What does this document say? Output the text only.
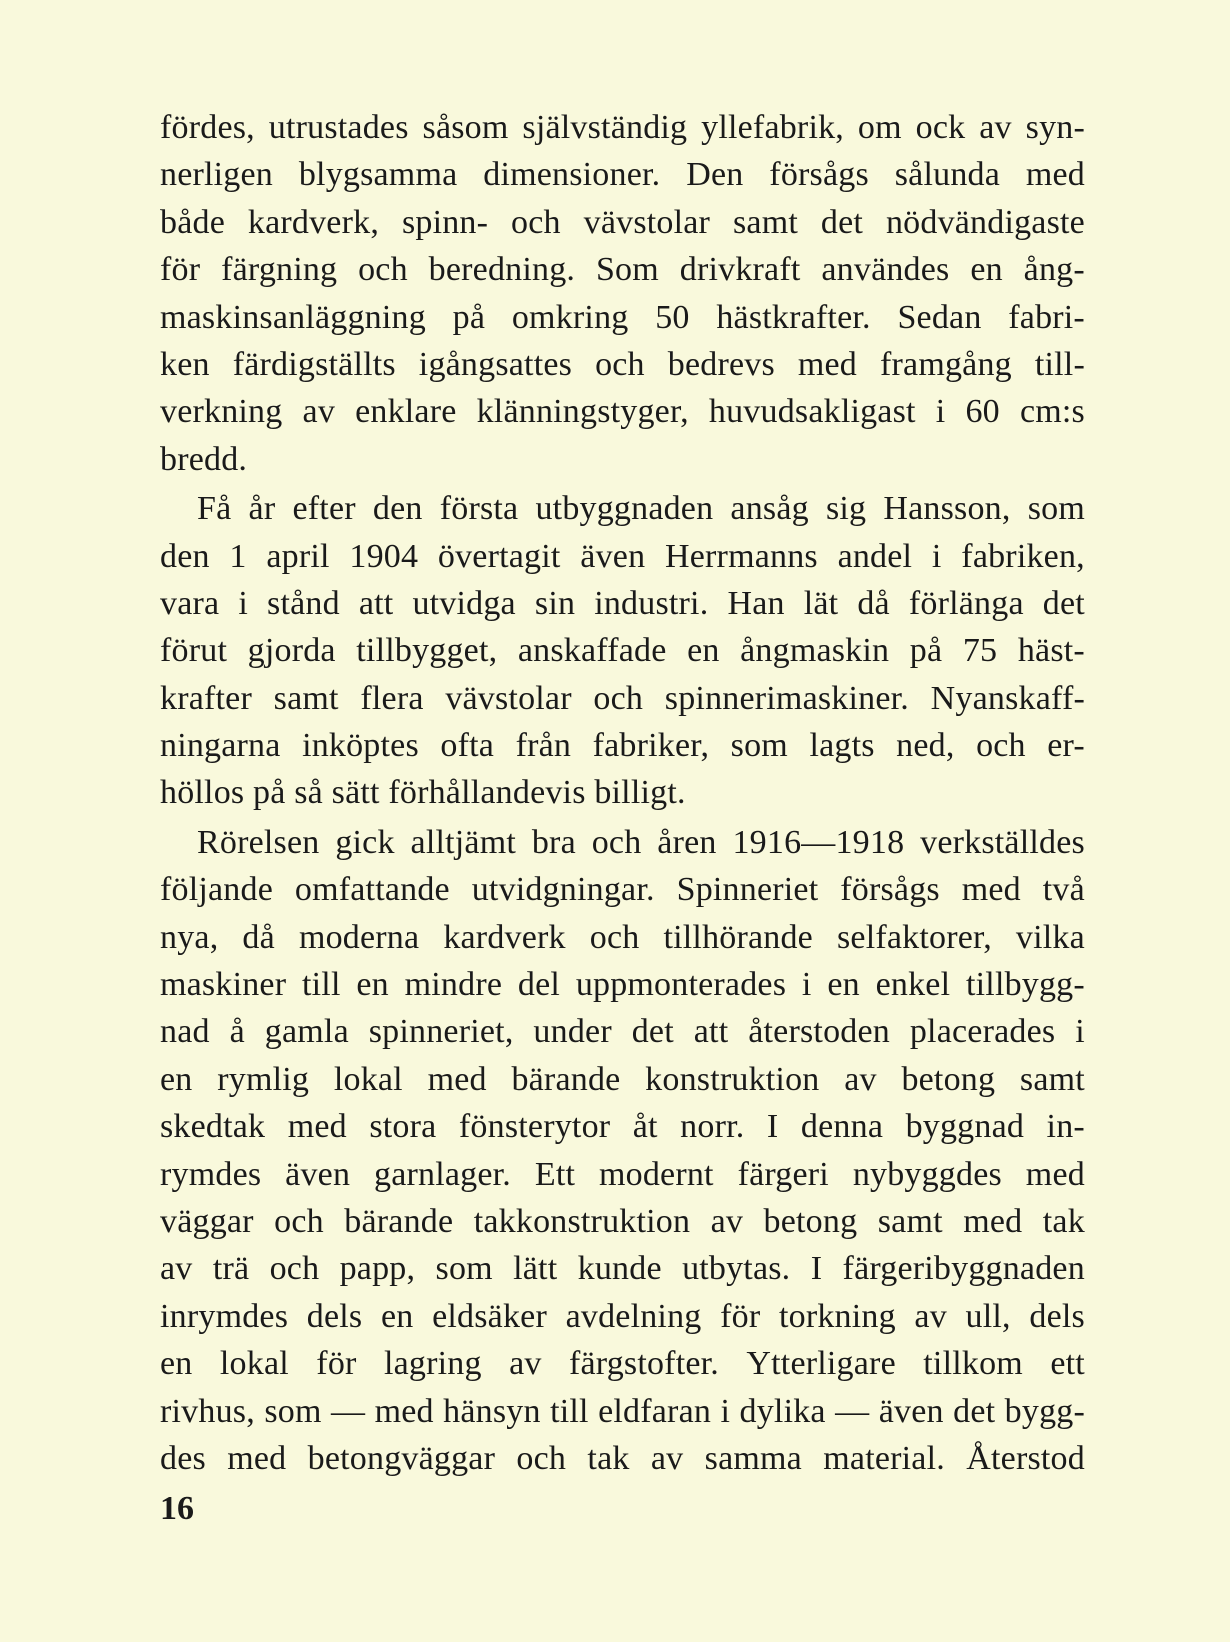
fördes, utrustades såsom självständig yllefabrik, om ock av syn-
nerligen blygsamma dimensioner. Den försågs sålunda med
både kardverk, spinn- och vävstolar samt det nödvändigaste
för färgning och beredning. Som drivkraft användes en ång-
maskinsanläggning på omkring 50 hästkrafter. Sedan fabri-
ken färdigställts igångsattes och bedrevs med framgång till-
verkning av enklare klänningstyger, huvudsakligast i 60 cm:s
bredd.
Få år efter den första utbyggnaden ansåg sig Hansson, som
den 1 april 1904 övertagit även Herrmanns andel i fabriken,
vara i stånd att utvidga sin industri. Han lät då förlänga det
förut gjorda tillbygget, anskaffade en ångmaskin på 75 häst-
krafter samt flera vävstolar och spinnerimaskiner. Nyanskaff-
ningarna inköptes ofta från fabriker, som lagts ned, och er-
höllos på så sätt förhållandevis billigt.
Rörelsen gick alltjämt bra och åren 1916—1918 verkställdes
följande omfattande utvidgningar. Spinneriet försågs med två
nya, då moderna kardverk och tillhörande selfaktorer, vilka
maskiner till en mindre del uppmonterades i en enkel tillbygg-
nad å gamla spinneriet, under det att återstoden placerades i
en rymlig lokal med bärande konstruktion av betong samt
skedtak med stora fönsterytor åt norr. I denna byggnad in-
rymdes även garnlager. Ett modernt färgeri nybyggdes med
väggar och bärande takkonstruktion av betong samt med tak
av trä och papp, som lätt kunde utbytas. I färgeribyggnaden
inrymdes dels en eldsäker avdelning för torkning av ull, dels
en lokal för lagring av färgstofter. Ytterligare tillkom ett
rivhus, som — med hänsyn till eldfaran i dylika — även det bygg-
des med betongväggar och tak av samma material. Återstod
16
